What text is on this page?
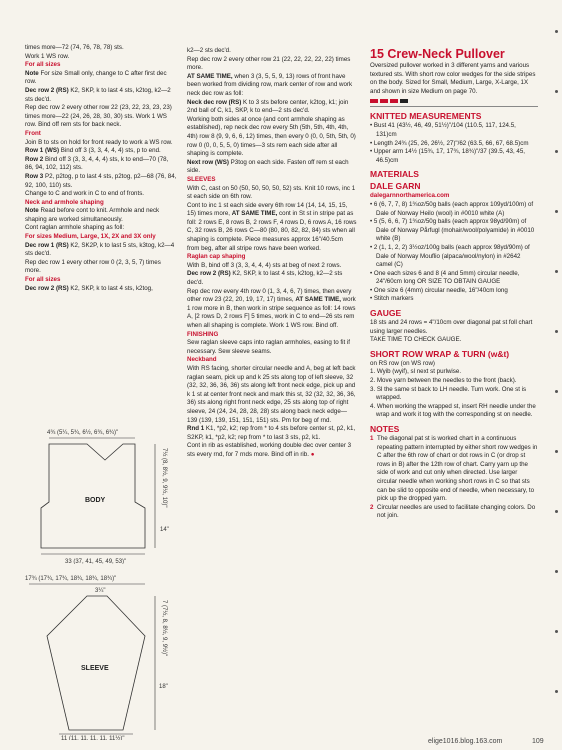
times more—72 (74, 76, 78, 78) sts.

Work 1 WS row.

For all sizes

Note For size Small only, change to C after first dec row.

Dec row 2 (RS) K2, SKP, k to last 4 sts, k2tog, k2—2 sts dec'd.

Rep dec row 2 every other row 22 (23, 22, 23, 23, 23) times more—22 (24, 26, 28, 30, 30) sts. Work 1 WS row. Bind off rem sts for back neck.

Front

Join B to sts on hold for front ready to work a WS row.

Row 1 (WS) Bind off 3 (3, 3, 4, 4, 4) sts, p to end.

Row 2 Bind off 3 (3, 3, 4, 4, 4) sts, k to end—70 (78, 86, 94, 102, 112) sts.

Row 3 P2, p2tog, p to last 4 sts, p2tog, p2—68 (76, 84, 92, 100, 110) sts.

Change to C and work in C to end of fronts.

Neck and armhole shaping

Note Read before cont to knit. Armhole and neck shaping are worked simultaneously.

Cont raglan armhole shaping as foll:

For sizes Medium, Large, 1X, 2X and 3X only

Dec row 1 (RS) K2, SK2P, k to last 5 sts, k3tog, k2—4 sts dec'd.

Rep dec row 1 every other row 0 (2, 3, 5, 7) times more.

For all sizes

Dec row 2 (RS) K2, SKP, k to last 4 sts, k2tog,

4¾ (5¼, 5¾, 6½, 6¾, 6¾)"
BODY	7½ (8, 8½, 9, 9½, 10)"
14"
33 (37, 41, 45, 49, 53)"
17¾ (17¾, 17¾, 18¾, 18¾, 18¾)"
3¼"
SLEEVE
7 (7½, 8, 8½, 9, 9½)"
18"
11 (11, 11, 11, 11, 11½)"

k2—2 sts dec'd.

Rep dec row 2 every other row 21 (22, 22, 22, 22, 22) times more.

AT SAME TIME, when 3 (3, 5, 5, 9, 13) rows of front have been worked from dividing row, mark center of row and work neck dec row as foll:

Neck dec row (RS) K to 3 sts before center, k2tog, k1; join 2nd ball of C, k1, SKP, k to end—2 sts dec'd.

Working both sides at once (and cont armhole shaping as established), rep neck dec row every 5th (5th, 5th, 4th, 4th, 4th) row 8 (9, 9, 6, 6, 12) times, then every 0 (0, 0, 5th, 5th, 0) row 0 (0, 0, 5, 5, 0) times—3 sts rem each side after all shaping is complete.

Next row (WS) P3tog on each side. Fasten off rem st each side.

SLEEVES

With C, cast on 50 (50, 50, 50, 50, 52) sts. Knit 10 rows, inc 1 st each side on 6th row.

Cont to inc 1 st each side every 6th row 14 (14, 14, 15, 15, 15) times more, AT SAME TIME, cont in St st in stripe pat as foll: 2 rows E, 8 rows B, 2 rows F, 4 rows D, 6 rows A, 16 rows C, 32 rows B, 26 rows C—80 (80, 80, 82, 82, 84) sts when all shaping is complete. Piece measures approx 16"/40.5cm from beg, after all stripe rows have been worked.

Raglan cap shaping

With B, bind off 3 (3, 3, 4, 4, 4) sts at beg of next 2 rows.

Dec row 2 (RS) K2, SKP, k to last 4 sts, k2tog, k2—2 sts dec'd.

Rep dec row every 4th row 0 (1, 3, 4, 6, 7) times, then every other row 23 (22, 20, 19, 17, 17) times, AT SAME TIME, work 1 row more in B, then work in stripe sequence as foll: 14 rows A, [2 rows D, 2 rows F] 5 times, work in C to end—26 sts rem when all shaping is complete. Work 1 WS row. Bind off.

FINISHING

Sew raglan sleeve caps into raglan armholes, easing to fit if necessary. Sew sleeve seams.

Neckband

With RS facing, shorter circular needle and A, beg at left back raglan seam, pick up and k 25 sts along top of left sleeve, 32 (32, 32, 36, 36, 36) sts along left front neck edge, pick up and k 1 st at center front neck and mark this st, 32 (32, 32, 36, 36, 36) sts along right front neck edge, 25 sts along top of right sleeve, 24 (24, 24, 28, 28, 28) sts along back neck edge—139 (139, 139, 151, 151, 151) sts. Pm for beg of rnd.

Rnd 1 K1, *p2, k2; rep from * to 4 sts before center st, p2, k1, S2KP, k1, *p2, k2; rep from * to last 3 sts, p2, k1.

Cont in rib as established, working double dec over center 3 sts every rnd, for 7 rnds more. Bind off in rib. ●

15 Crew-Neck Pullover

Oversized pullover worked in 3 different yarns and various textured sts. With short row color wedges for the side stripes on the body. Sized for Small, Medium, Large, X-Large, 1X and shown in size Medium on page 70.

KNITTED MEASUREMENTS

• Bust 41 (43½, 46, 49, 51½)"/104 (110.5, 117, 124.5, 131)cm

• Length 24¾ (25, 26, 26½, 27)"/62 (63.5, 66, 67, 68.5)cm

• Upper arm 14½ (15¾, 17, 17¾, 18¾)"/37 (39.5, 43, 45, 46.5)cm

MATERIALS

DALE GARN

dalegarnnorthamerica.com

• 6 (6, 7, 7, 8) 1¾oz/50g balls (each approx 109yd/100m) of Dale of Norway Heilo (wool) in #0010 white (A)

• 5 (5, 6, 6, 7) 1¾oz/50g balls (each approx 98yd/90m) of Dale of Norway Pårfugl (mohair/wool/polyamide) in #0010 white (B)

• 2 (1, 1, 2, 2) 3½oz/100g balls (each approx 98yd/90m) of Dale of Norway Mouflio (alpaca/wool/nylon) in #2642 camel (C)

• One each sizes 6 and 8 (4 and 5mm) circular needle, 24"/60cm long OR SIZE TO OBTAIN GAUGE

• One size 6 (4mm) circular needle, 16"/40cm long

• Stitch markers

GAUGE

18 sts and 24 rows = 4"/10cm over diagonal pat st foll chart using larger needles.

TAKE TIME TO CHECK GAUGE.

SHORT ROW WRAP & TURN (w&t)

on RS row (on WS row)

1. Wyib (wyif), sl next st purlwise.

2. Move yarn between the needles to the front (back).

3. Sl the same st back to LH needle. Turn work. One st is wrapped.

4. When working the wrapped st, insert RH needle under the wrap and work it tog with the corresponding st on needle.

NOTES

1 The diagonal pat st is worked chart in a continuous repeating pattern interrupted by either short row wedges in C after the 6th row of chart or dot rows in C (or drop st rows in B) after the 12th row of chart. Carry yarn up the side of work and cut only when directed. Use larger circular needle when working short rows in C so that sts can be slid to opposite end of needle, when necessary, to pick up the dropped yarn.
2 Circular needles are used to facilitate changing colors. Do not join.
elige1016.blog.163.com	109
